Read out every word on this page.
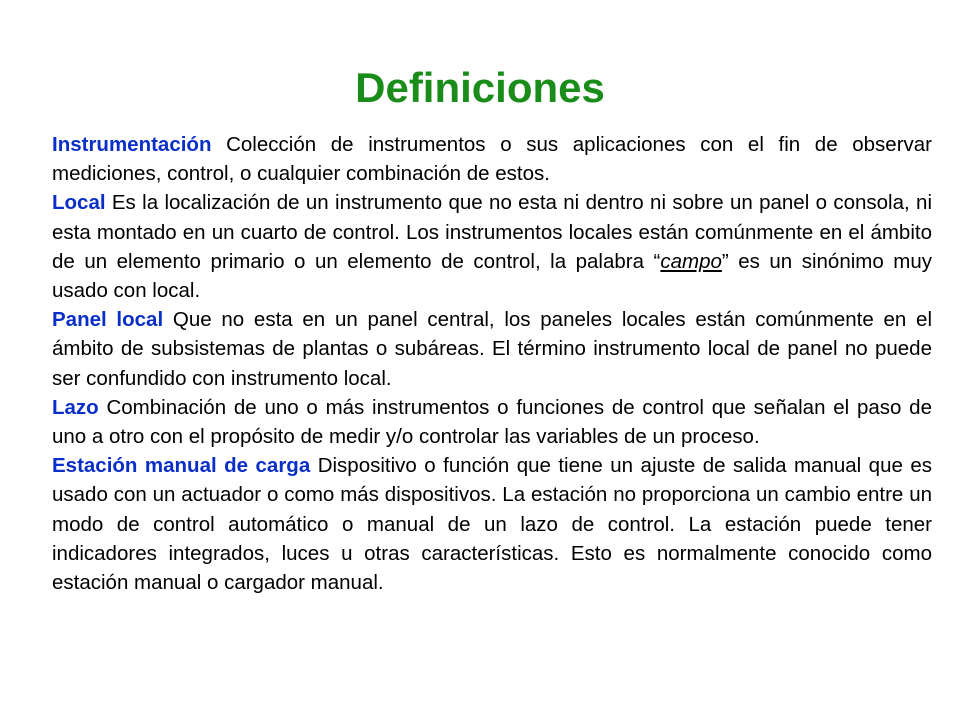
Definiciones

Instrumentación Colección de instrumentos o sus aplicaciones con el fin de observar mediciones, control, o cualquier combinación de estos.

Local Es la localización de un instrumento que no esta ni dentro ni sobre un panel o consola, ni esta montado en un cuarto de control. Los instrumentos locales están comúnmente en el ámbito de un elemento primario o un elemento de control, la palabra “campo” es un sinónimo muy usado con local.

Panel local Que no esta en un panel central, los paneles locales están comúnmente en el ámbito de subsistemas de plantas o subáreas. El término instrumento local de panel no puede ser confundido con instrumento local.

Lazo Combinación de uno o más instrumentos o funciones de control que señalan el paso de uno a otro con el propósito de medir y/o controlar las variables de un proceso.

Estación manual de carga Dispositivo o función que tiene un ajuste de salida manual que es usado con un actuador o como más dispositivos. La estación no proporciona un cambio entre un modo de control automático o manual de un lazo de control. La estación puede tener indicadores integrados, luces u otras características. Esto es normalmente conocido como estación manual o cargador manual.
